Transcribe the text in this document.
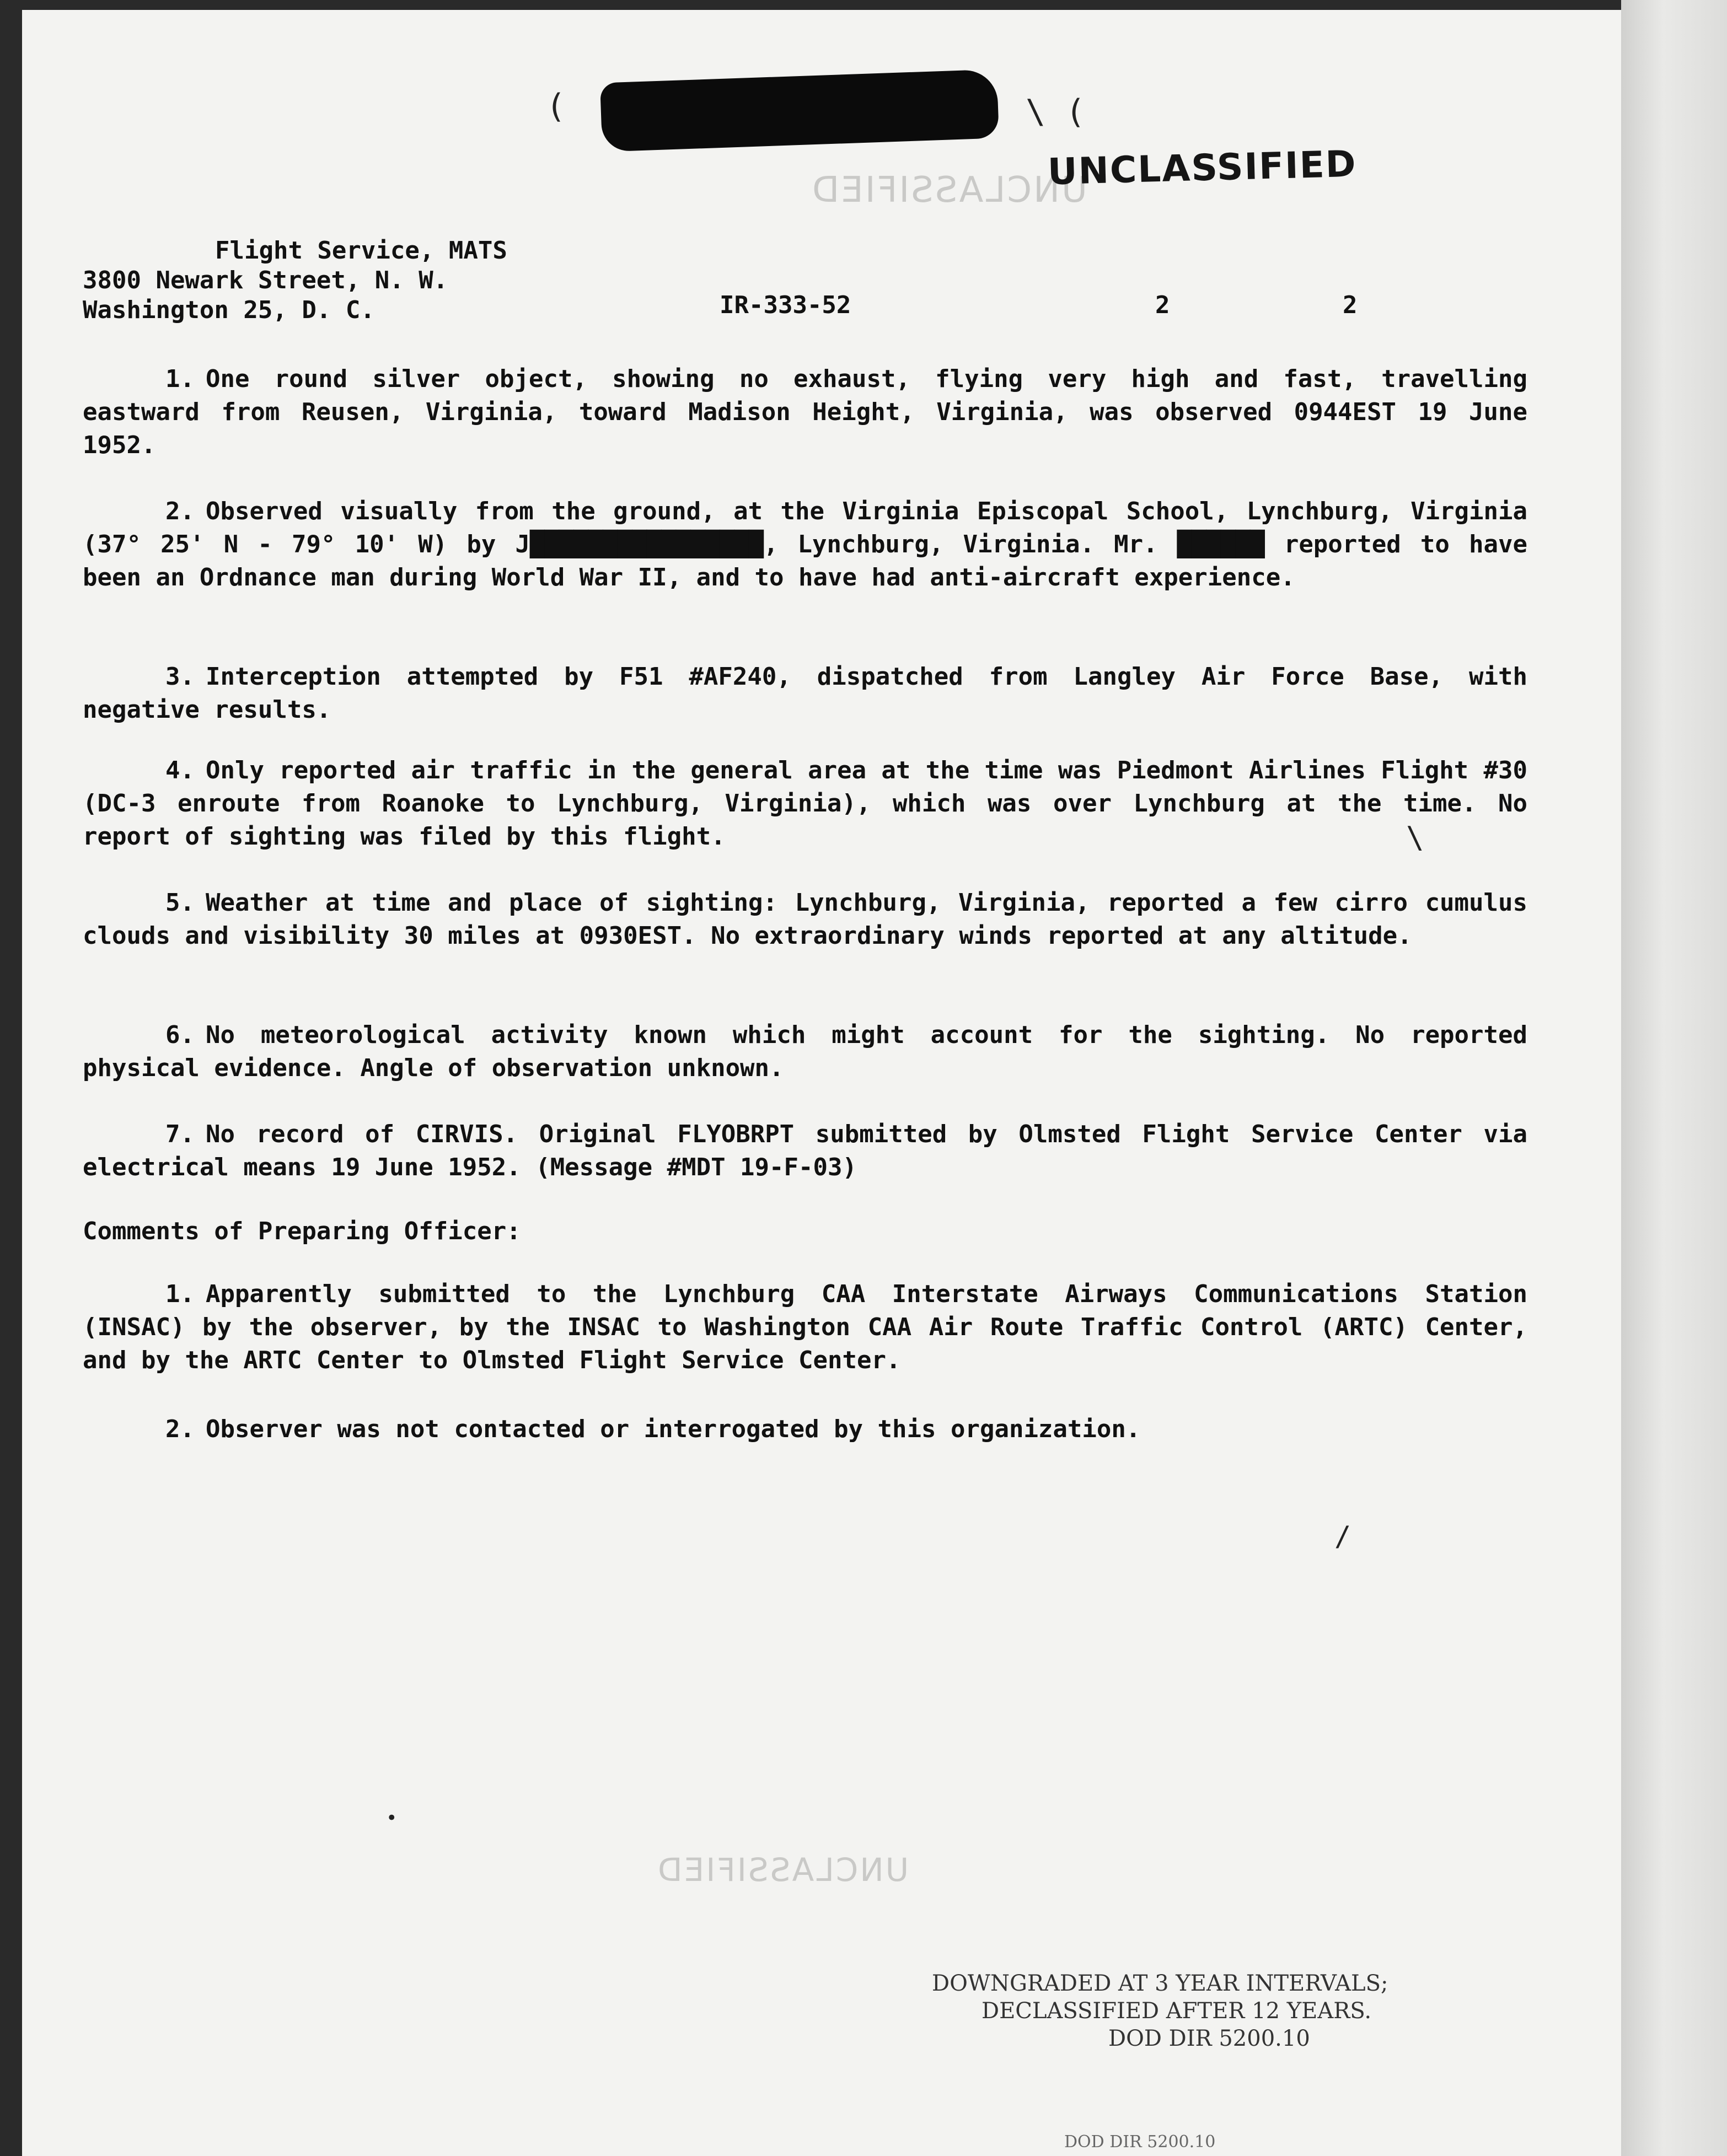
(	\ (
UNCLASSIFIED
UNCLASSIFIED
Flight Service, MATS
3800 Newark Street, N. W.
Washington 25, D. C.	IR-333-52	2	2
1. One round silver object, showing no exhaust, flying very high and fast, travelling eastward from Reusen, Virginia, toward Madison Height, Virginia, was observed 0944EST 19 June 1952.
2. Observed visually from the ground, at the Virginia Episcopal School, Lynchburg, Virginia (37° 25' N - 79° 10' W) by J████████████████, Lynchburg, Virginia. Mr. ██████ reported to have been an Ordnance man during World War II, and to have had anti-aircraft experience.
3. Interception attempted by F51 #AF240, dispatched from Langley Air Force Base, with negative results.
4. Only reported air traffic in the general area at the time was Piedmont Airlines Flight #30 (DC-3 enroute from Roanoke to Lynchburg, Virginia), which was over Lynchburg at the time. No report of sighting was filed by this flight.
5. Weather at time and place of sighting: Lynchburg, Virginia, reported a few cirro cumulus clouds and visibility 30 miles at 0930EST. No extraordinary winds reported at any altitude.
6. No meteorological activity known which might account for the sighting. No reported physical evidence. Angle of observation unknown.
7. No record of CIRVIS. Original FLYOBRPT submitted by Olmsted Flight Service Center via electrical means 19 June 1952. (Message #MDT 19-F-03)
Comments of Preparing Officer:
1. Apparently submitted to the Lynchburg CAA Interstate Airways Communications Station (INSAC) by the observer, by the INSAC to Washington CAA Air Route Traffic Control (ARTC) Center, and by the ARTC Center to Olmsted Flight Service Center.
2. Observer was not contacted or interrogated by this organization.
/
•
\
UNCLASSIFIED
DOWNGRADED AT 3 YEAR INTERVALS;
DECLASSIFIED AFTER 12 YEARS.
DOD DIR 5200.10
DOD DIR 5200.10
